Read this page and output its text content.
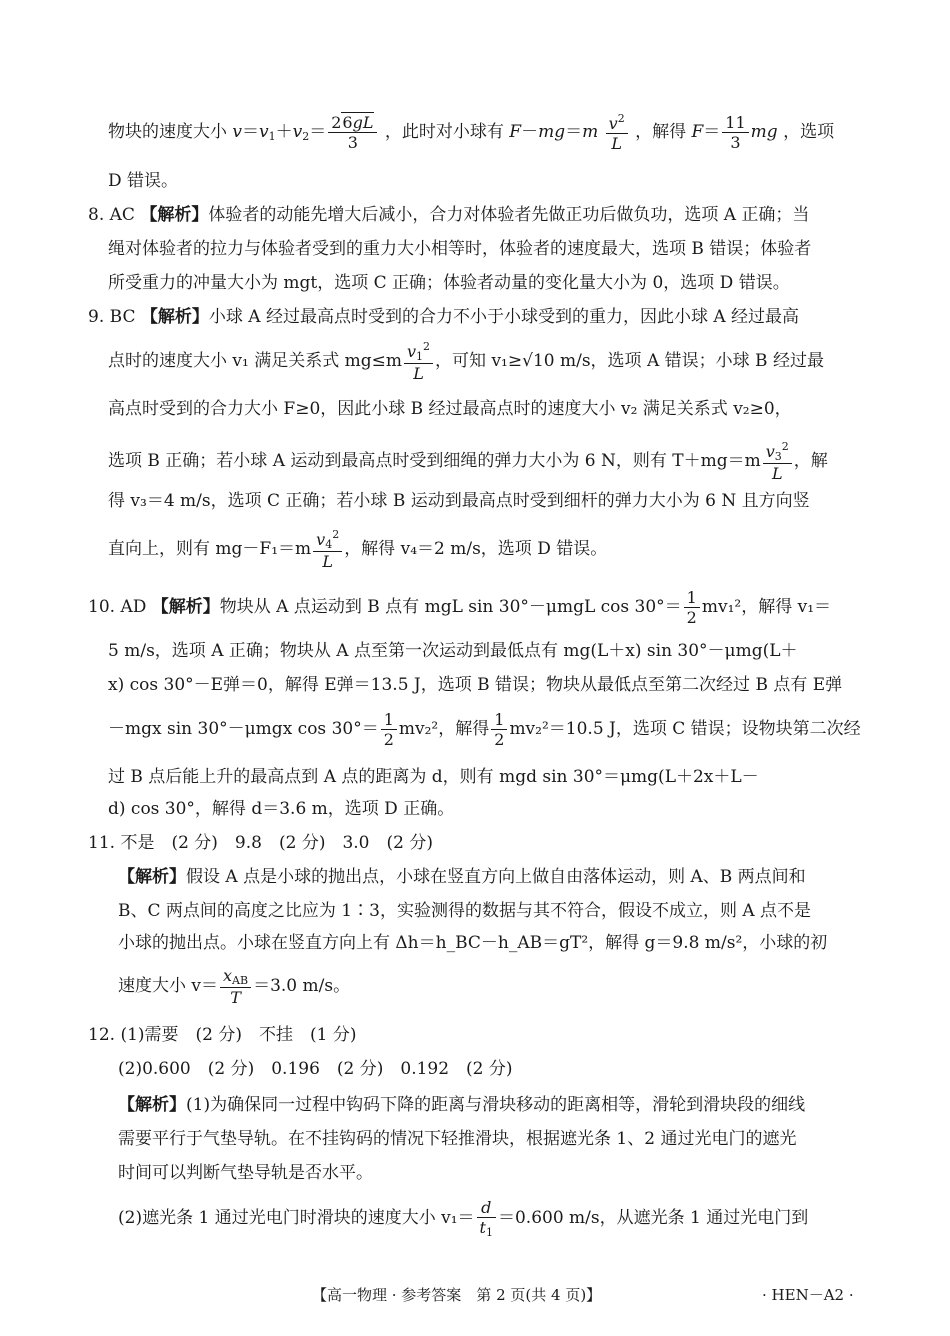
物块的速度大小 $v=v_1+v_2= \frac{26gL}{3}$ ，此时对小球有 $F-mg=m \frac{v^2}{L}$ ，解得 $F= \frac{11}{3}$ mg ，选项
D 错误。
8. AC 【解析】体验者的动能先增大后减小，合力对体验者先做正功后做负功，选项 A 正确；当
绳对体验者的拉力与体验者受到的重力大小相等时，体验者的速度最大，选项 B 错误；体验者
所受重力的冲量大小为 mgt，选项 C 正确；体验者动量的变化量大小为 0，选项 D 错误。
9. BC 【解析】小球 A 经过最高点时受到的合力不小于小球受到的重力，因此小球 A 经过最高
点时的速度大小 v₁ 满足关系式 $mg\le m \frac{v_1^2}{L}$ ，可知 v₁≥√10 m/s，选项 A 错误；小球 B 经过最
高点时受到的合力大小 F≥0，因此小球 B 经过最高点时的速度大小 v₂ 满足关系式 v₂≥0，
选项 B 正确；若小球 A 运动到最高点时受到细绳的弹力大小为 6 N，则有 $T+mg=m \frac{v_3^2}{L}$ ，解
得 v₃＝4 m/s，选项 C 正确；若小球 B 运动到最高点时受到细杆的弹力大小为 6 N 且方向竖
直向上，则有 $mg-F_1=m \frac{v_4^2}{L}$ ，解得 v₄＝2 m/s，选项 D 错误。
10. AD 【解析】物块从 A 点运动到 B 点有 mgL sin 30°－μmgL $\cos 30^\circ= \frac{1}{2} mv_1^2$，解得 v₁＝
5 m/s，选项 A 正确；物块从 A 点至第一次运动到最低点有 mg(L＋x) sin 30°－μmg(L＋
x) cos 30°－E弹＝0，解得 E弹＝13.5 J，选项 B 错误；物块从最低点至第二次经过 B 点有 E弹
－mgx sin 30°－μmgx $\cos 30^\circ= \frac{1}{2} mv_2^2$，解得 $\frac{1}{2} mv_2^2=10.5$ J，选项 C 错误；设物块第二次经
过 B 点后能上升的最高点到 A 点的距离为 d，则有 mgd sin 30°＝μmg(L＋2x＋L－
d) cos 30°，解得 d＝3.6 m，选项 D 正确。
11. 不是　(2 分)　9.8　(2 分)　3.0　(2 分)
【解析】假设 A 点是小球的抛出点，小球在竖直方向上做自由落体运动，则 A、B 两点间和
B、C 两点间的高度之比应为 1∶3，实验测得的数据与其不符合，假设不成立，则 A 点不是
小球的抛出点。小球在竖直方向上有 Δh＝h_BC－h_AB＝gT²，解得 g＝9.8 m/s²，小球的初
速度大小 $v= \frac{x_{AB}}{T} =3.0$ m/s。
12. (1)需要　(2 分)　不挂　(1 分)
(2)0.600　(2 分)　0.196　(2 分)　0.192　(2 分)
【解析】(1)为确保同一过程中钩码下降的距离与滑块移动的距离相等，滑轮到滑块段的细线
需要平行于气垫导轨。在不挂钩码的情况下轻推滑块，根据遮光条 1、2 通过光电门的遮光
时间可以判断气垫导轨是否水平。
(2)遮光条 1 通过光电门时滑块的速度大小 $v_1= \frac{d}{t_1} =0.600$ m/s，从遮光条 1 通过光电门到
【高一物理 · 参考答案　第 2 页(共 4 页)】	· HEN－A2 ·
